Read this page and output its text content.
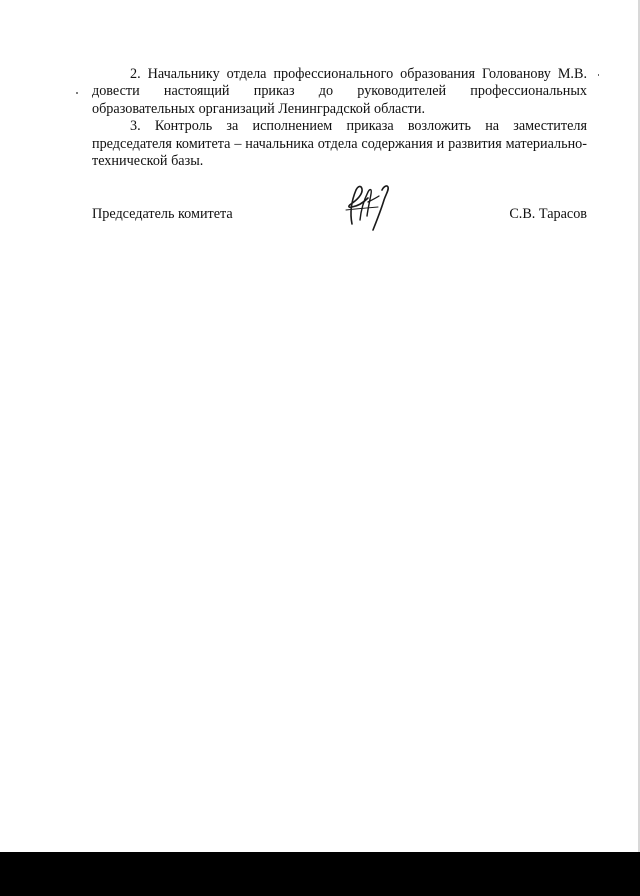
2. Начальнику отдела профессионального образования Голованову М.В. довести настоящий приказ до руководителей профессиональных образовательных организаций Ленинградской области.

3. Контроль за исполнением приказа возложить на заместителя председателя комитета – начальника отдела содержания и развития материально-технической базы.

Председатель комитета	С.В. Тарасов
